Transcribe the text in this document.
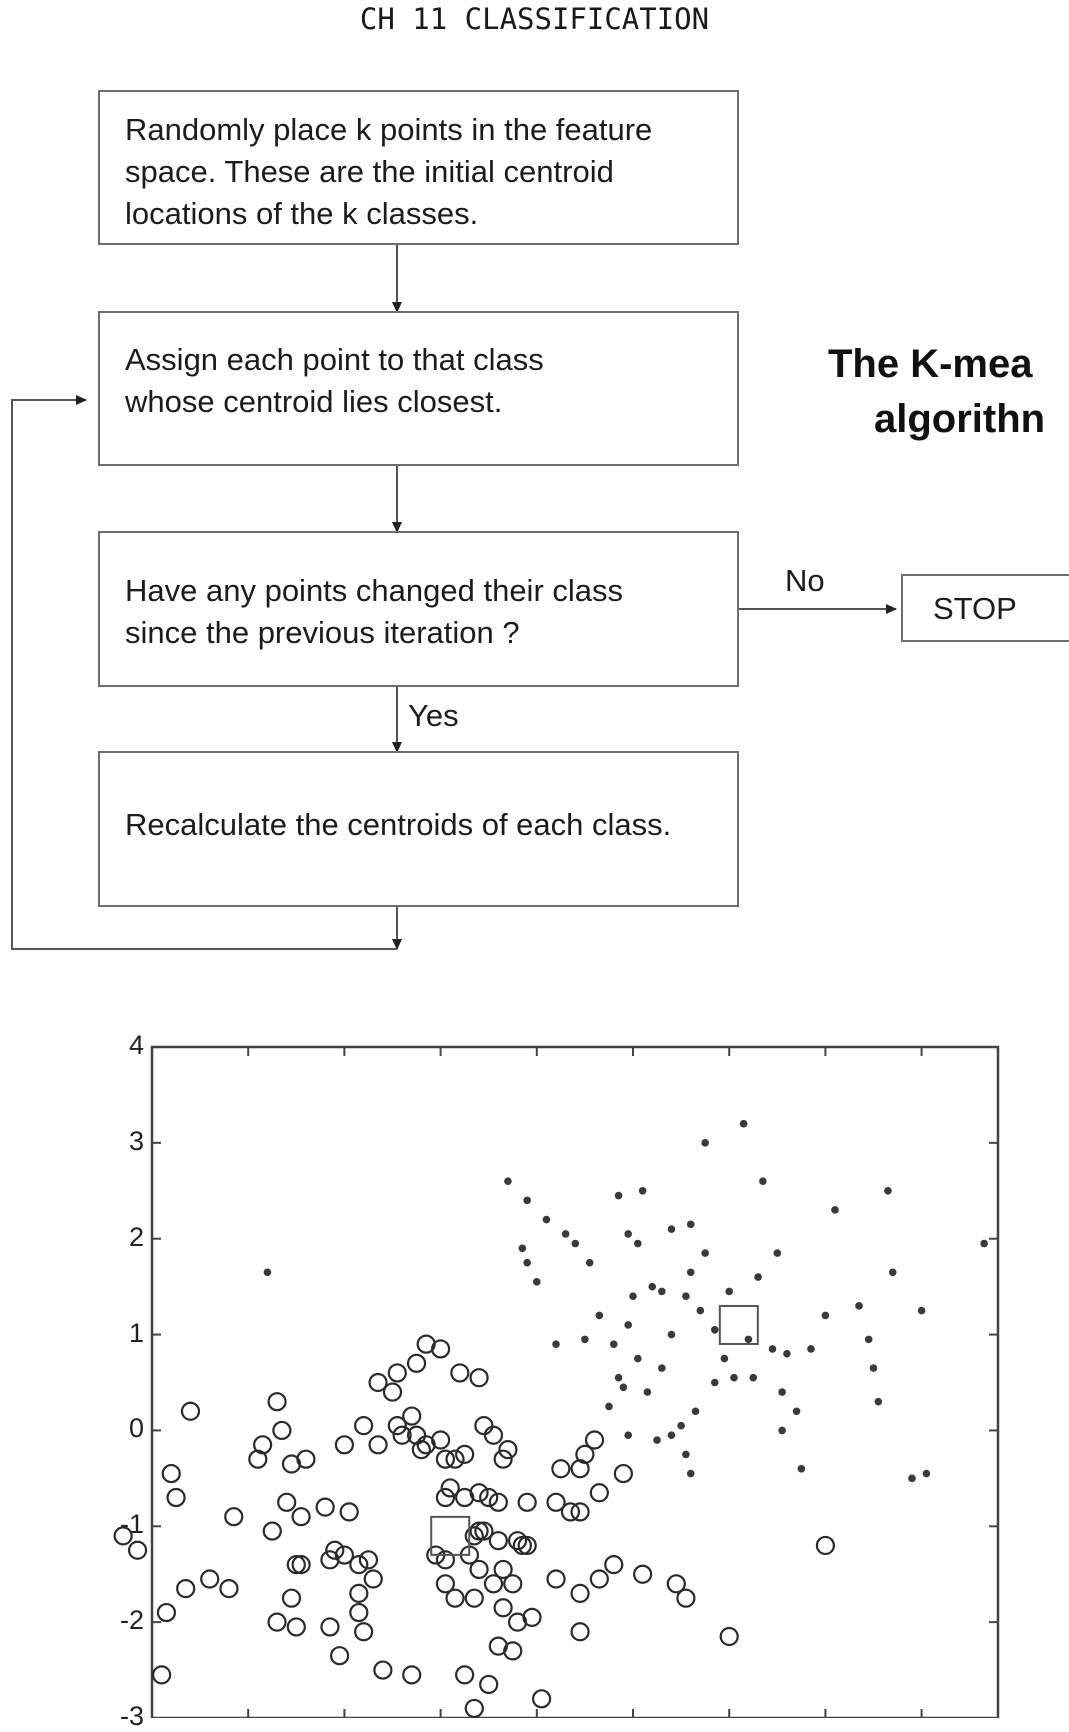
CH 11 CLASSIFICATION
Randomly place k points in the feature
space. These are the initial centroid
locations of the k classes.
Assign each point to that class
whose centroid lies closest.
Have any points changed their class
since the previous iteration ?
Recalculate the centroids of each class.
STOP
No
Yes
The K-mea
algorithn
4
3
2
1
0
-1
-2
-3
